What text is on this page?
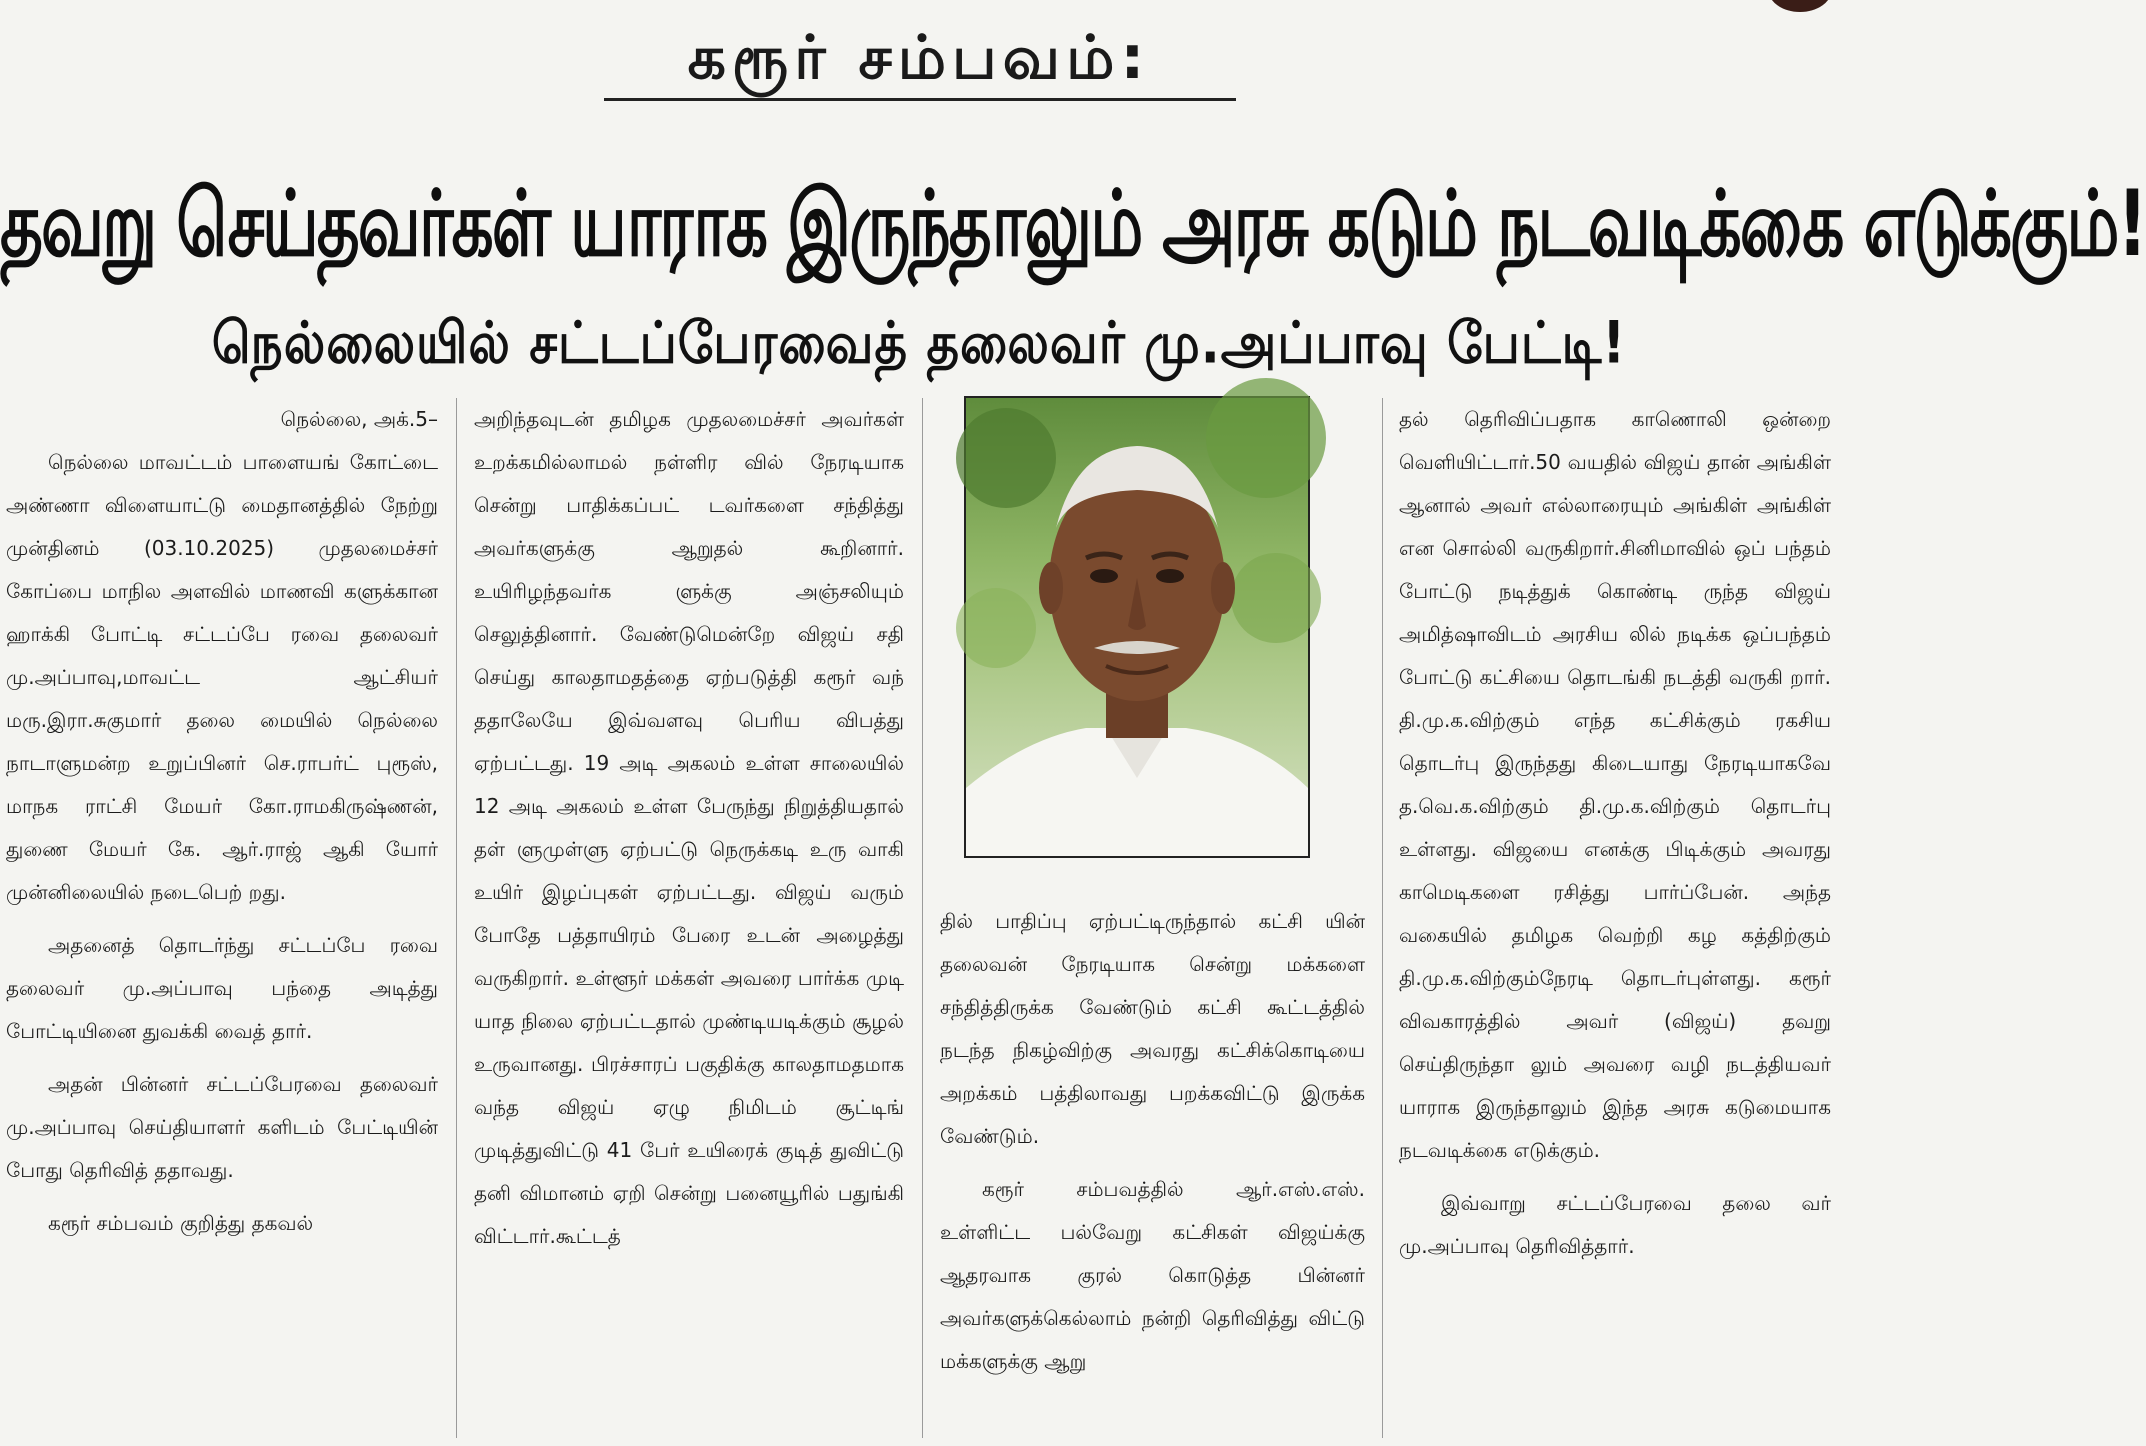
கரூர் சம்பவம்:
தவறு செய்தவர்கள் யாராக இருந்தாலும் அரசு கடும் நடவடிக்கை எடுக்கும்!
நெல்லையில் சட்டப்பேரவைத் தலைவர் மு.அப்பாவு பேட்டி!

நெல்லை, அக்.5–

நெல்லை மாவட்டம் பாளையங் கோட்டை அண்ணா விளையாட்டு மைதானத்தில் நேற்று முன்தினம் (03.10.2025) முதலமைச்சர் கோப்பை மாநில அளவில் மாணவி களுக்கான ஹாக்கி போட்டி சட்டப்பே ரவை தலைவர் மு.அப்பாவு,மாவட்ட ஆட்சியர் மரு.இரா.சுகுமார் தலை மையில் நெல்லை நாடாளுமன்ற உறுப்பினர் செ.ராபர்ட் புரூஸ், மாநக ராட்சி மேயர் கோ.ராமகிருஷ்ணன், துணை மேயர் கே. ஆர்.ராஜ் ஆகி யோர் முன்னிலையில் நடைபெற் றது.

அதனைத் தொடர்ந்து சட்டப்பே ரவை தலைவர் மு.அப்பாவு பந்தை அடித்து போட்டியினை துவக்கி வைத் தார்.

அதன் பின்னர் சட்டப்பேரவை தலைவர் மு.அப்பாவு செய்தியாளர் களிடம் பேட்டியின் போது தெரிவித் ததாவது.

கரூர் சம்பவம் குறித்து தகவல்

அறிந்தவுடன் தமிழக முதலமைச்சர் அவர்கள் உறக்கமில்லாமல் நள்ளிர வில் நேரடியாக சென்று பாதிக்கப்பட் டவர்களை சந்தித்து அவர்களுக்கு ஆறுதல் கூறினார். உயிரிழந்தவர்க ளுக்கு அஞ்சலியும் செலுத்தினார். வேண்டுமென்றே விஜய் சதி செய்து காலதாமதத்தை ஏற்படுத்தி கரூர் வந் ததாலேயே இவ்வளவு பெரிய விபத்து ஏற்பட்டது. 19 அடி அகலம் உள்ள சாலையில் 12 அடி அகலம் உள்ள பேருந்து நிறுத்தியதால் தள் ளுமுள்ளு ஏற்பட்டு நெருக்கடி உரு வாகி உயிர் இழப்புகள் ஏற்பட்டது. விஜய் வரும் போதே பத்தாயிரம் பேரை உடன் அழைத்து வருகிறார். உள்ளூர் மக்கள் அவரை பார்க்க முடி யாத நிலை ஏற்பட்டதால் முண்டியடிக்கும் சூழல் உருவானது. பிரச்சாரப் பகுதிக்கு காலதாமதமாக வந்த விஜய் ஏழு நிமிடம் சூட்டிங் முடித்துவிட்டு 41 பேர் உயிரைக் குடித் துவிட்டு தனி விமானம் ஏறி சென்று பனையூரில் பதுங்கி விட்டார்.கூட்டத்

தில் பாதிப்பு ஏற்பட்டிருந்தால் கட்சி யின் தலைவன் நேரடியாக சென்று மக்களை சந்தித்திருக்க வேண்டும் கட்சி கூட்டத்தில் நடந்த நிகழ்விற்கு அவரது கட்சிக்கொடியை அறக்கம் பத்திலாவது பறக்கவிட்டு இருக்க வேண்டும்.

கரூர் சம்பவத்தில் ஆர்.எஸ்.எஸ். உள்ளிட்ட பல்வேறு கட்சிகள் விஜய்க்கு ஆதரவாக குரல் கொடுத்த பின்னர் அவர்களுக்கெல்லாம் நன்றி தெரிவித்து விட்டு மக்களுக்கு ஆறு

தல் தெரிவிப்பதாக காணொலி ஒன்றை வெளியிட்டார்.50 வயதில் விஜய் தான் அங்கிள் ஆனால் அவர் எல்லாரையும் அங்கிள் அங்கிள் என சொல்லி வருகிறார்.சினிமாவில் ஒப் பந்தம் போட்டு நடித்துக் கொண்டி ருந்த விஜய் அமித்ஷாவிடம் அரசிய லில் நடிக்க ஒப்பந்தம் போட்டு கட்சியை தொடங்கி நடத்தி வருகி றார். தி.மு.க.விற்கும் எந்த கட்சிக்கும் ரகசிய தொடர்பு இருந்தது கிடையாது நேரடியாகவே த.வெ.க.விற்கும் தி.மு.க.விற்கும் தொடர்பு உள்ளது. விஜயை எனக்கு பிடிக்கும் அவரது காமெடிகளை ரசித்து பார்ப்பேன். அந்த வகையில் தமிழக வெற்றி கழ கத்திற்கும் தி.மு.க.விற்கும்நேரடி தொடர்புள்ளது. கரூர் விவகாரத்தில் அவர் (விஜய்) தவறு செய்திருந்தா லும் அவரை வழி நடத்தியவர் யாராக இருந்தாலும் இந்த அரசு கடுமையாக நடவடிக்கை எடுக்கும்.

இவ்வாறு சட்டப்பேரவை தலை வர் மு.அப்பாவு தெரிவித்தார்.
